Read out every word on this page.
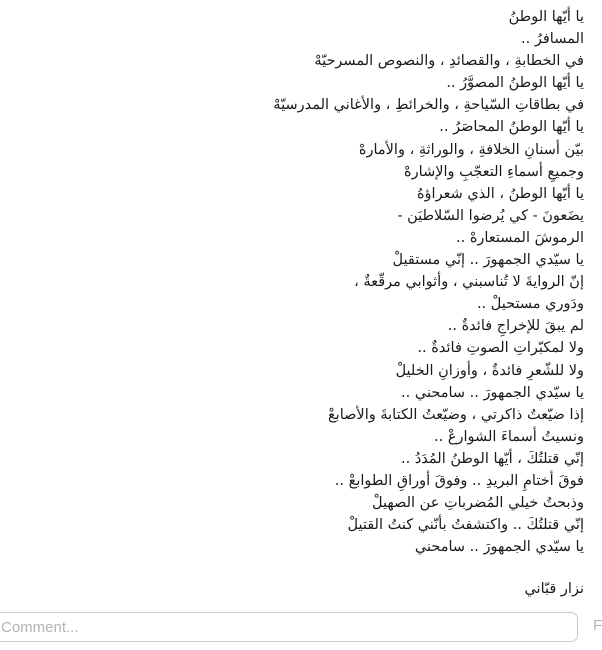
يا أيّها الوطنُ
المسافرُ ..
في الخطابةِ ، والقصائدِ ، والنصوص المسرحيّهْ
يا أيّها الوطنُ المصوَّرُ ..
في بطاقاتِ السّياحةِ ، والخرائطِ ، والأغاني المدرسيّهْ
يا أيّها الوطنُ المحاصَرُ ..
بيّن أسنانِ الخلافةِ ، والوراثةِ ، والأمارهْ
وجميعِ أسماءِ التعجّبِ والإشارهْ
يا أيّها الوطنُ ، الذي شعراؤهُ
يضَعونَ - كي يُرضوا السّلاطيَن -
الرموشَ المستعارهْ ..
يا سيّدي الجمهورَ .. إنّي مستقيلْ
إنّ الروايةَ لا تُناسبني ، وأثوابي مرقّعةٌ ،
ودَوري مستحيلْ ..
لم يبقَ للإخراجِ فائدةٌ ..
ولا لمكبّراتِ الصوتِ فائدةٌ ..
ولا للشّعرِ فائدةٌ ، وأوزانِ الخليلْ
يا سيّدي الجمهورَ .. سامحني ..
إذا ضيّعتُ ذاكرتي ، وضيّعتُ الكتابةَ والأصابعْ
ونسيتُ أسماءَ الشوارعْ ..
إنّي قتلتُكَ ، أيّها الوطنُ المُدَدُ ..
فوقَ أختامِ البريدِ .. وفوقَ أوراقِ الطوابعْ ..
وذبحتُ خيلي المُضرباتِ عن الصهيلْ
إنّي قتلتُكَ .. واكتشفتُ بأنّني كنتُ القتيلْ
يا سيّدي الجمهورَ .. سامحني
نزار قبّاني
Comment...
F
